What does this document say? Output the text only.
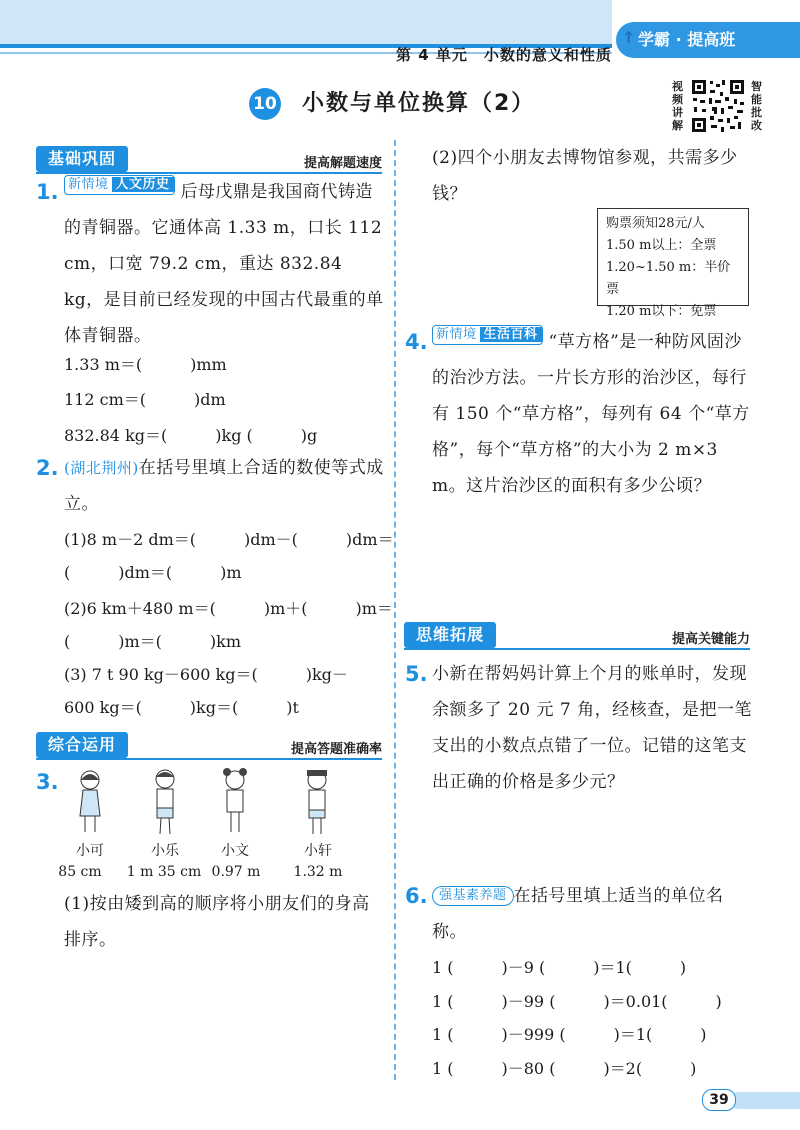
第 4 单元　小数的意义和性质
↑ 学霸 · 提高班
10 小数与单位换算（2）
视频讲解
智能批改
基础巩固	提高解题速度
1. 新情境 人文历史 后母戊鼎是我国商代铸造的青铜器。它通体高 1.33 m，口长 112 cm，口宽 79.2 cm，重达 832.84 kg，是目前已经发现的中国古代最重的单体青铜器。
1.33 m＝(　　　)mm
112 cm＝(　　　)dm
832.84 kg＝(　　　)kg (　　　)g
2. (湖北荆州)在括号里填上合适的数使等式成立。
(1)8 m－2 dm＝(　　　)dm－(　　　)dm＝
(　　　)dm＝(　　　)m
(2)6 km＋480 m＝(　　　)m＋(　　　)m＝
(　　　)m＝(　　　)km
(3) 7 t 90 kg－600 kg＝(　　　)kg－
600 kg＝(　　　)kg＝(　　　)t
综合运用	提高答题准确率
3.
小可	小乐	小文	小轩
85 cm	1 m 35 cm 0.97 m	1.32 m
(1)按由矮到高的顺序将小朋友们的身高排序。
(2)四个小朋友去博物馆参观，共需多少钱？
购票须知28元/人
1.50 m以上：全票
1.20~1.50 m：半价票
1.20 m以下：免票
4. 新情境 生活百科 “草方格”是一种防风固沙的治沙方法。一片长方形的治沙区，每行有 150 个“草方格”，每列有 64 个“草方格”，每个“草方格”的大小为 2 m×3 m。这片治沙区的面积有多少公顷？
思维拓展	提高关键能力
5. 小新在帮妈妈计算上个月的账单时，发现余额多了 20 元 7 角，经核查，是把一笔支出的小数点点错了一位。记错的这笔支出正确的价格是多少元？
6. 强基素养题 在括号里填上适当的单位名称。
1 (　　　)－9 (　　　)＝1(　　　)
1 (　　　)－99 (　　　)＝0.01(　　　)
1 (　　　)－999 (　　　)＝1(　　　)
1 (　　　)－80 (　　　)＝2(　　　)
39
